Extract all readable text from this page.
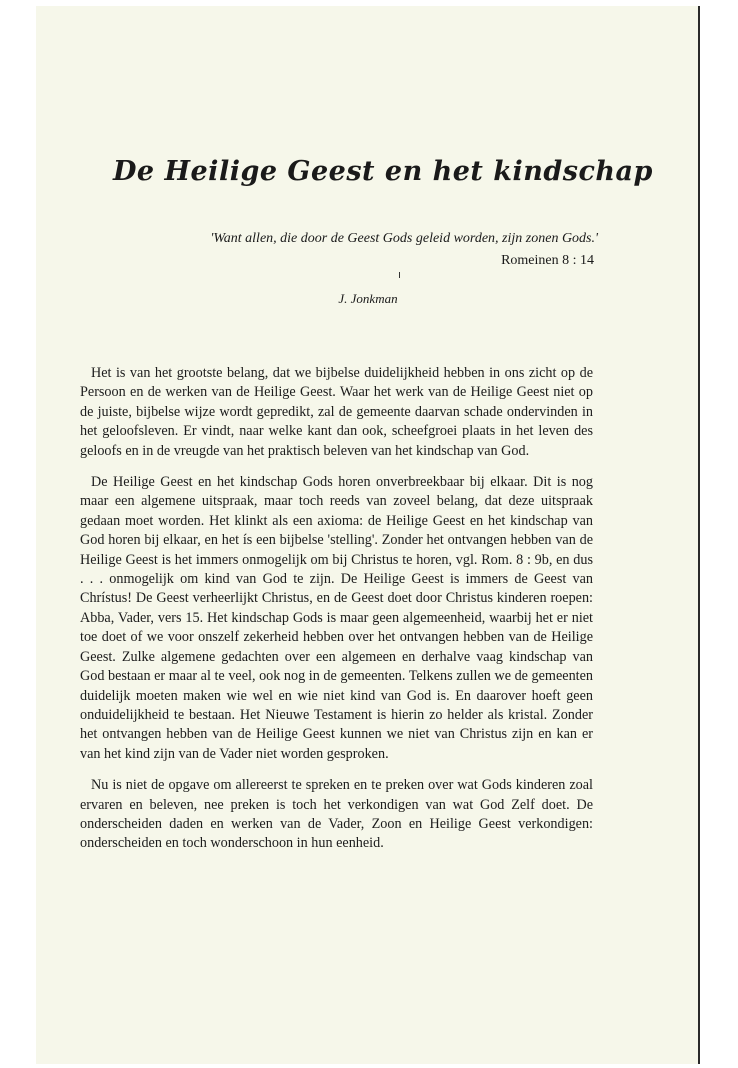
De Heilige Geest en het kindschap

'Want allen, die door de Geest Gods geleid worden, zijn zonen Gods.'

Romeinen 8 : 14

J. Jonkman

Het is van het grootste belang, dat we bijbelse duidelijkheid hebben in ons zicht op de Persoon en de werken van de Heilige Geest. Waar het werk van de Heilige Geest niet op de juiste, bijbelse wijze wordt gepredikt, zal de gemeente daarvan schade ondervinden in het geloofsleven. Er vindt, naar welke kant dan ook, scheefgroei plaats in het leven des geloofs en in de vreugde van het praktisch beleven van het kindschap van God.

De Heilige Geest en het kindschap Gods horen onverbreekbaar bij elkaar. Dit is nog maar een algemene uitspraak, maar toch reeds van zoveel belang, dat deze uitspraak gedaan moet worden. Het klinkt als een axioma: de Heilige Geest en het kindschap van God horen bij elkaar, en het ís een bijbelse 'stelling'. Zonder het ontvangen hebben van de Heilige Geest is het immers onmogelijk om bij Christus te horen, vgl. Rom. 8 : 9b, en dus . . . onmogelijk om kind van God te zijn. De Heilige Geest is immers de Geest van Chrístus! De Geest verheerlijkt Christus, en de Geest doet door Christus kinderen roepen: Abba, Vader, vers 15. Het kindschap Gods is maar geen algemeenheid, waarbij het er niet toe doet of we voor onszelf zekerheid hebben over het ontvangen hebben van de Heilige Geest. Zulke algemene gedachten over een algemeen en derhalve vaag kindschap van God bestaan er maar al te veel, ook nog in de gemeenten. Telkens zullen we de gemeenten duidelijk moeten maken wie wel en wie niet kind van God is. En daarover hoeft geen onduidelijkheid te bestaan. Het Nieuwe Testament is hierin zo helder als kristal. Zonder het ontvangen hebben van de Heilige Geest kunnen we niet van Christus zijn en kan er van het kind zijn van de Vader niet worden gesproken.

Nu is niet de opgave om allereerst te spreken en te preken over wat Gods kinderen zoal ervaren en beleven, nee preken is toch het verkondigen van wat God Zelf doet. De onderscheiden daden en werken van de Vader, Zoon en Heilige Geest verkondigen: onderscheiden en toch wonderschoon in hun eenheid.
